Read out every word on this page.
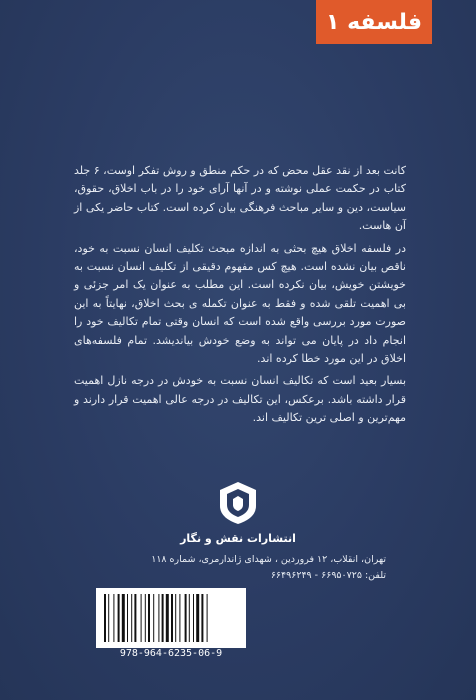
فلسفه ۱

کانت بعد از نقد عقل محض که در حکم منطق و روش تفکر اوست، ۶ جلد کتاب در حکمت عملی نوشته و در آنها آرای خود را در باب اخلاق، حقوق، سیاست، دین و سایر مباحث فرهنگی بیان کرده است. کتاب حاضر یکی از آن هاست.

در فلسفه اخلاق هیچ بحثی به اندازه مبحث تکلیف انسان نسبت به خود، ناقص بیان نشده است. هیچ کس مفهوم دقیقی از تکلیف انسان نسبت به خویشتن خویش، بیان نکرده است. این مطلب به عنوان یک امر جزئی و بی اهمیت تلقی شده و فقط به عنوان تکمله ی بحث اخلاق، نهایتاً به این صورت مورد بررسی واقع شده است که انسان وقتی تمام تکالیف خود را انجام داد در پایان می تواند به وضع خودش بیاندیشد. تمام فلسفه‌های اخلاق در این مورد خطا کرده اند.

بسیار بعید است که تکالیف انسان نسبت به خودش در درجه نازل اهمیت قرار داشته باشد. برعکس، این تکالیف در درجه عالی اهمیت قرار دارند و مهم‌ترین و اصلی ترین تکالیف اند.

انتشارات نقش و نگار
تهران، انقلاب، ۱۲ فروردین ، شهدای ژاندارمری، شماره ۱۱۸
تلفن: ۶۶۹۵۰۷۲۵ - ۶۶۴۹۶۲۴۹
978-964-6235-06-9
